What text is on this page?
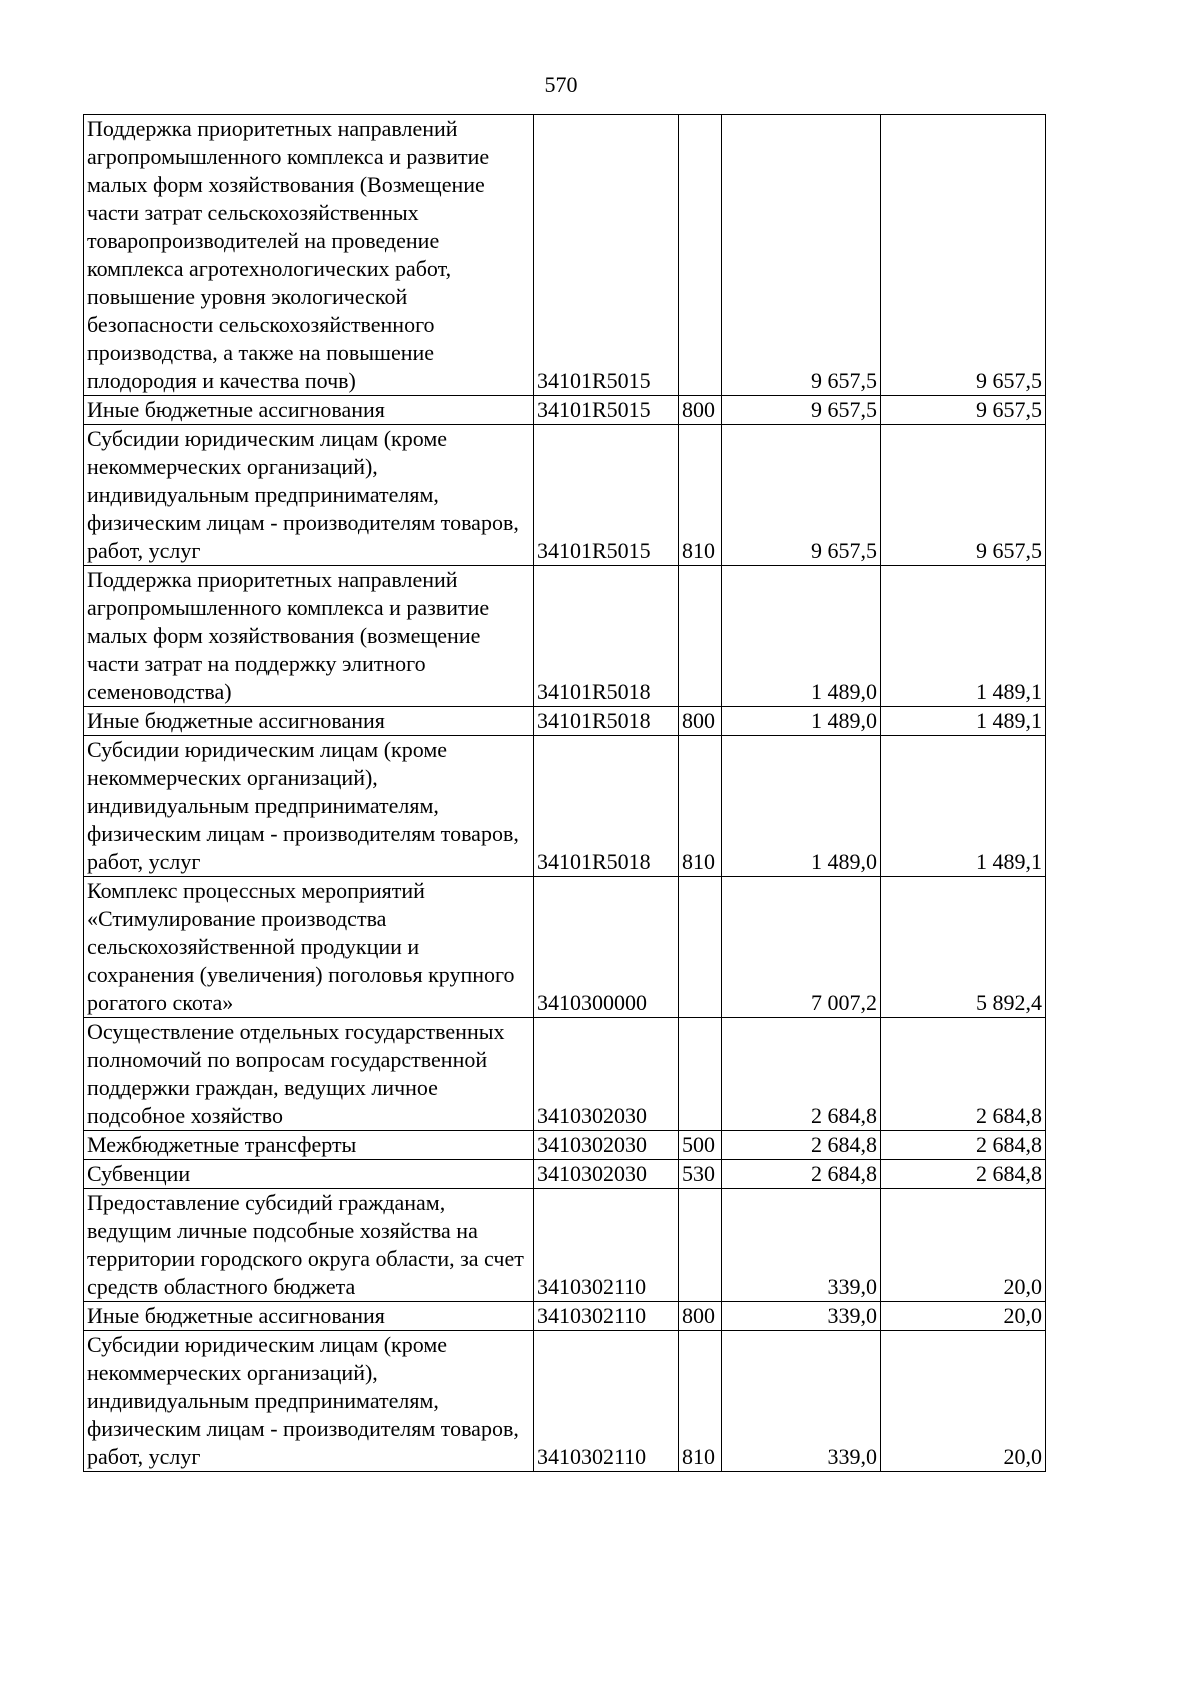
570
Поддержка приоритетных направлений агропромышленного комплекса и развитие малых форм хозяйствования (Возмещение части затрат сельскохозяйственных товаропроизводителей на проведение комплекса агротехнологических работ, повышение уровня экологической безопасности сельскохозяйственного производства, а также на повышение плодородия и качества почв)	34101R5015		9 657,5	9 657,5
Иные бюджетные ассигнования	34101R5015	800	9 657,5	9 657,5
Субсидии юридическим лицам (кроме некоммерческих организаций), индивидуальным предпринимателям, физическим лицам - производителям товаров, работ, услуг	34101R5015	810	9 657,5	9 657,5
Поддержка приоритетных направлений агропромышленного комплекса и развитие малых форм хозяйствования (возмещение части затрат на поддержку элитного семеноводства)	34101R5018		1 489,0	1 489,1
Иные бюджетные ассигнования	34101R5018	800	1 489,0	1 489,1
Субсидии юридическим лицам (кроме некоммерческих организаций), индивидуальным предпринимателям, физическим лицам - производителям товаров, работ, услуг	34101R5018	810	1 489,0	1 489,1
Комплекс процессных мероприятий «Стимулирование производства сельскохозяйственной продукции и сохранения (увеличения) поголовья крупного рогатого скота»	3410300000		7 007,2	5 892,4
Осуществление отдельных государственных полномочий по вопросам государственной поддержки граждан, ведущих личное подсобное хозяйство	3410302030		2 684,8	2 684,8
Межбюджетные трансферты	3410302030	500	2 684,8	2 684,8
Субвенции	3410302030	530	2 684,8	2 684,8
Предоставление субсидий гражданам, ведущим личные подсобные хозяйства на территории городского округа области, за счет средств областного бюджета	3410302110		339,0	20,0
Иные бюджетные ассигнования	3410302110	800	339,0	20,0
Субсидии юридическим лицам (кроме некоммерческих организаций), индивидуальным предпринимателям, физическим лицам - производителям товаров, работ, услуг	3410302110	810	339,0	20,0
